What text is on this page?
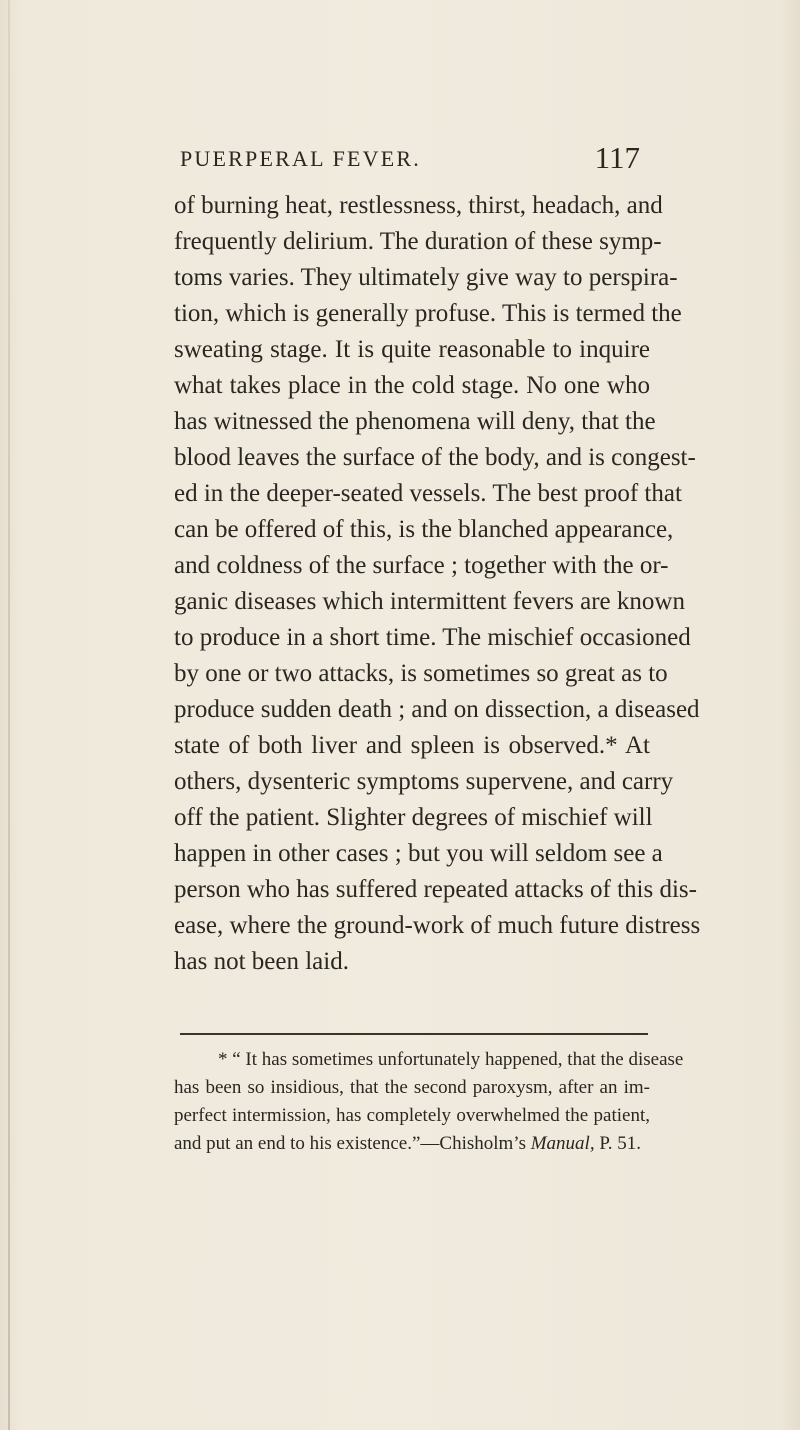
PUERPERAL FEVER.	117
of burning heat, restlessness, thirst, headach, and
frequently delirium. The duration of these symp-
toms varies. They ultimately give way to perspira-
tion, which is generally profuse. This is termed the
sweating stage. It is quite reasonable to inquire
what takes place in the cold stage. No one who
has witnessed the phenomena will deny, that the
blood leaves the surface of the body, and is congest-
ed in the deeper-seated vessels. The best proof that
can be offered of this, is the blanched appearance,
and coldness of the surface ; together with the or-
ganic diseases which intermittent fevers are known
to produce in a short time. The mischief occasioned
by one or two attacks, is sometimes so great as to
produce sudden death ; and on dissection, a diseased
state of both liver and spleen is observed.* At
others, dysenteric symptoms supervene, and carry
off the patient. Slighter degrees of mischief will
happen in other cases ; but you will seldom see a
person who has suffered repeated attacks of this dis-
ease, where the ground-work of much future distress
has not been laid.
* “ It has sometimes unfortunately happened, that the disease
has been so insidious, that the second paroxysm, after an im-
perfect intermission, has completely overwhelmed the patient,
and put an end to his existence.”—Chisholm’s Manual, P. 51.
